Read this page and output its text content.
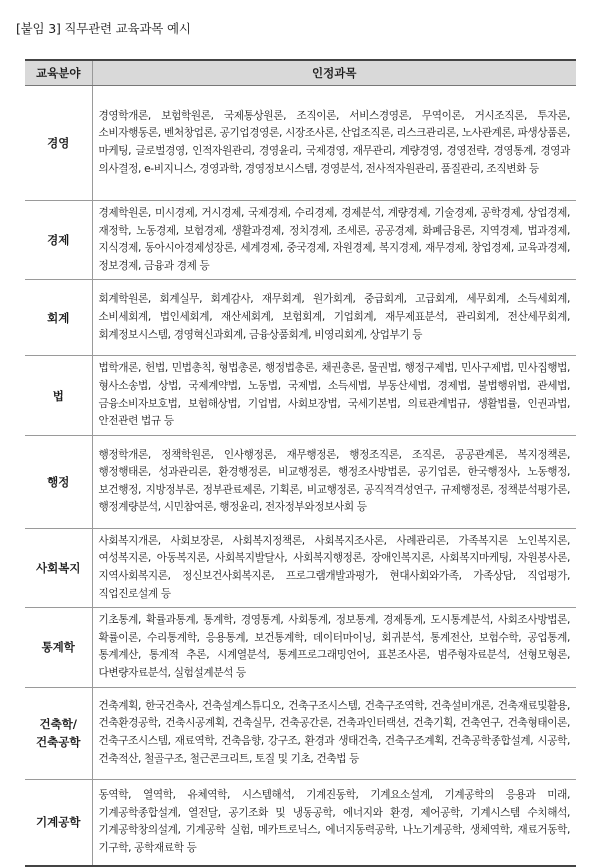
[붙임 3] 직무관련 교육과목 예시
교육분야	인정과목
경영	경영학개론, 보험학원론, 국제통상원론, 조직이론, 서비스경영론, 무역이론, 거시조직론, 투자론, 소비자행동론, 벤처창업론, 공기업경영론, 시장조사론, 산업조직론, 리스크관리론, 노사관계론, 파생상품론, 마케팅, 글로벌경영, 인적자원관리, 경영윤리, 국제경영, 재무관리, 계량경영, 경영전략, 경영통계, 경영과 의사결정, e-비지니스, 경영과학, 경영정보시스템, 경영분석, 전사적자원관리, 품질관리, 조직변화 등
경제	경제학원론, 미시경제, 거시경제, 국제경제, 수리경제, 경제분석, 계량경제, 기술경제, 공학경제, 상업경제, 재정학, 노동경제, 보험경제, 생활과경제, 정치경제, 조세론, 공공경제, 화폐금융론, 지역경제, 법과경제, 지식경제, 동아시아경제성장론, 세계경제, 중국경제, 자원경제, 복지경제, 재무경제, 창업경제, 교육과경제, 정보경제, 금융과 경제 등
회계	회계학원론, 회계실무, 회계감사, 재무회계, 원가회계, 중급회계, 고급회계, 세무회계, 소득세회계, 소비세회계, 법인세회계, 재산세회계, 보험회계, 기업회계, 재무제표분석, 관리회계, 전산세무회계, 회계정보시스템, 경영혁신과회계, 금융상품회계, 비영리회계, 상업부기 등
법	법학개론, 헌법, 민법총칙, 형법총론, 행정법총론, 채권총론, 물권법, 행정구제법, 민사구제법, 민사집행법, 형사소송법, 상법, 국제계약법, 노동법, 국제법, 소득세법, 부동산세법, 경제법, 불법행위법, 관세법, 금융소비자보호법, 보험해상법, 기업법, 사회보장법, 국세기본법, 의료관계법규, 생활법률, 인권과법, 안전관련 법규 등
행정	행정학개론, 정책학원론, 인사행정론, 재무행정론, 행정조직론, 조직론, 공공관계론, 복지정책론, 행정행태론, 성과관리론, 환경행정론, 비교행정론, 행정조사방법론, 공기업론, 한국행정사, 노동행정, 보건행정, 지방정부론, 정부관료제론, 기획론, 비교행정론, 공직적격성연구, 규제행정론, 정책분석평가론, 행정계량분석, 시민참여론, 행정윤리, 전자정부와정보사회 등
사회복지	사회복지개론, 사회보장론, 사회복지정책론, 사회복지조사론, 사례관리론, 가족복지론 노인복지론, 여성복지론, 아동복지론, 사회복지발달사, 사회복지행정론, 장애인복지론, 사회복지마케팅, 자원봉사론, 지역사회복지론, 정신보건사회복지론, 프로그램개발과평가, 현대사회와가족, 가족상담, 직업평가,직업진로설계 등
통계학	기초통계, 확률과통계, 통계학, 경영통계, 사회통계, 정보통계, 경제통계, 도시통계분석, 사회조사방법론, 확률이론, 수리통계학, 응용통계, 보건통계학, 데이터마이닝, 회귀분석, 통계전산, 보험수학, 공업통계, 통계계산, 통계적 추론, 시계열분석, 통계프로그래밍언어, 표본조사론, 범주형자료분석, 선형모형론, 다변량자료분석, 실험설계분석 등

건축학/
건축공학	건축계획, 한국건축사, 건축설계스튜디오, 건축구조시스템, 건축구조역학, 건축설비개론, 건축재료및활용, 건축환경공학, 건축시공계획, 건축실무, 건축공간론, 건축과인터랙션, 건축기획, 건축연구, 건축형태이론, 건축구조시스템, 재료역학, 건축음향, 강구조, 환경과 생태건축, 건축구조계획, 건축공학종합설계, 시공학, 건축적산, 철골구조, 철근콘크리트, 토질 및 기초, 건축법 등
기계공학	동역학, 열역학, 유체역학, 시스템해석, 기계진동학, 기계요소설계, 기계공학의 응용과 미래, 기계공학종합설계, 열전달, 공기조화 및 냉동공학, 에너지와 환경, 제어공학, 기계시스템 수치해석, 기계공학창의설계, 기계공학 실험, 메카트로닉스, 에너지동력공학, 나노기계공학, 생체역학, 재료거동학, 기구학, 공학재료학 등
